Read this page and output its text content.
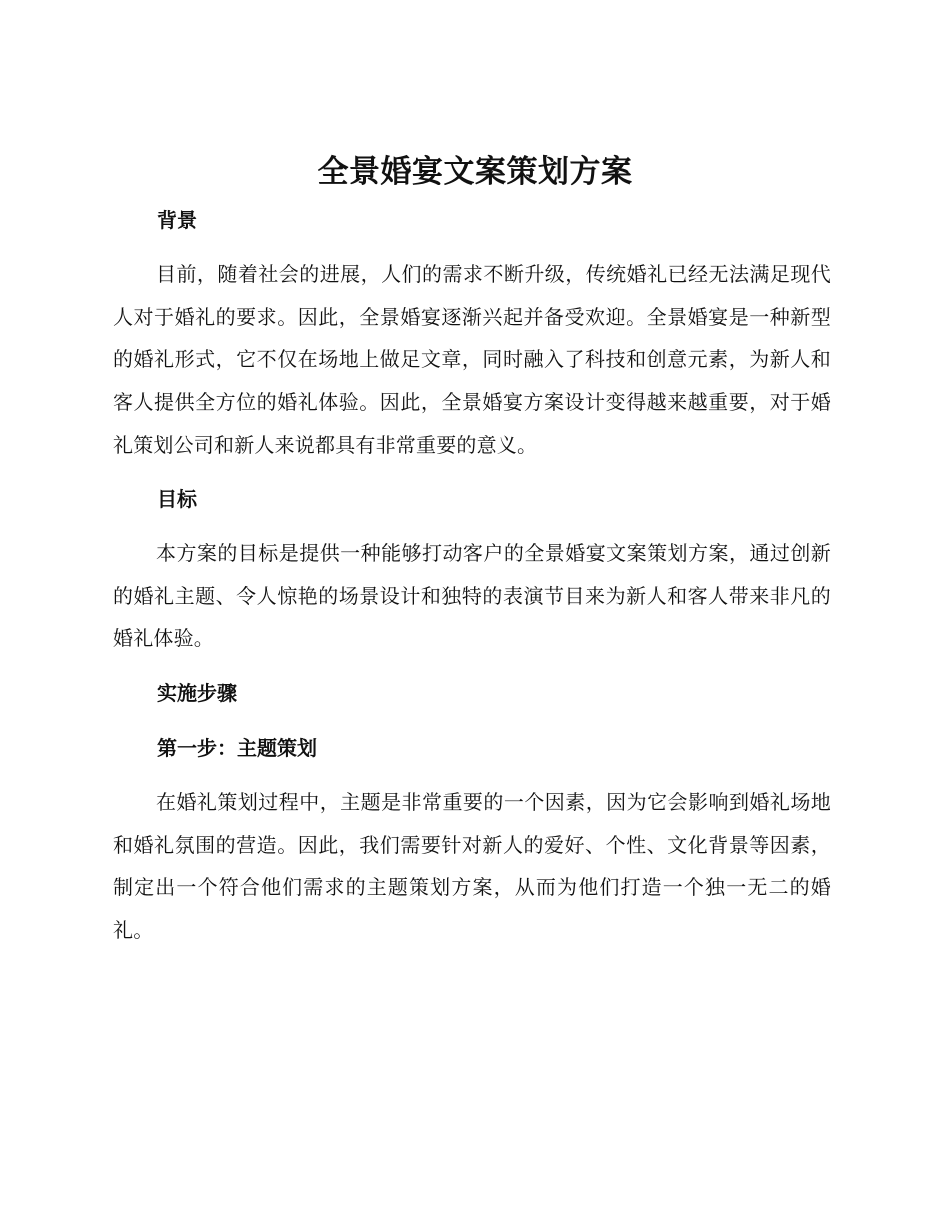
全景婚宴文案策划方案
背景

目前，随着社会的进展，人们的需求不断升级，传统婚礼已经无法满足现代人对于婚礼的要求。因此，全景婚宴逐渐兴起并备受欢迎。全景婚宴是一种新型的婚礼形式，它不仅在场地上做足文章，同时融入了科技和创意元素，为新人和客人提供全方位的婚礼体验。因此，全景婚宴方案设计变得越来越重要，对于婚礼策划公司和新人来说都具有非常重要的意义。

目标

本方案的目标是提供一种能够打动客户的全景婚宴文案策划方案，通过创新的婚礼主题、令人惊艳的场景设计和独特的表演节目来为新人和客人带来非凡的婚礼体验。

实施步骤
第一步：主题策划

在婚礼策划过程中，主题是非常重要的一个因素，因为它会影响到婚礼场地和婚礼氛围的营造。因此，我们需要针对新人的爱好、个性、文化背景等因素，制定出一个符合他们需求的主题策划方案，从而为他们打造一个独一无二的婚礼。
